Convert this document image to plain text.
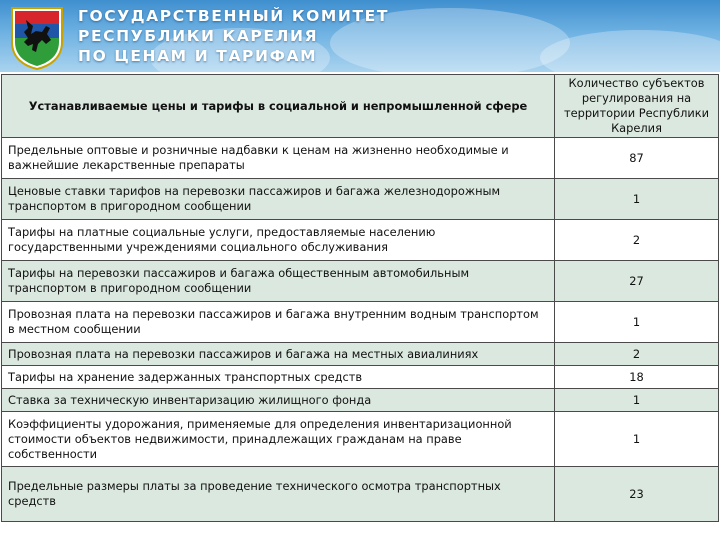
ГОСУДАРСТВЕННЫЙ КОМИТЕТ
РЕСПУБЛИКИ КАРЕЛИЯ
ПО ЦЕНАМ И ТАРИФАМ
Устанавливаемые цены и тарифы в социальной и непромышленной сфере	Количество субъектов регулирования на территории Республики Карелия
Предельные оптовые и розничные надбавки к ценам на жизненно необходимые и важнейшие лекарственные препараты	87
Ценовые ставки тарифов на перевозки пассажиров и багажа железнодорожным транспортом в пригородном сообщении	1
Тарифы на платные социальные услуги, предоставляемые населению государственными учреждениями социального обслуживания	2
Тарифы на перевозки пассажиров и багажа общественным автомобильным транспортом в пригородном сообщении	27
Провозная плата на перевозки пассажиров и багажа внутренним водным транспортом в местном сообщении	1
Провозная плата на перевозки пассажиров и багажа на местных авиалиниях	2
Тарифы на хранение задержанных транспортных средств	18
Ставка за техническую инвентаризацию жилищного фонда	1
Коэффициенты удорожания, применяемые для определения инвентаризационной стоимости объектов недвижимости, принадлежащих гражданам на праве собственности	1
Предельные размеры платы за проведение технического осмотра транспортных средств	23
